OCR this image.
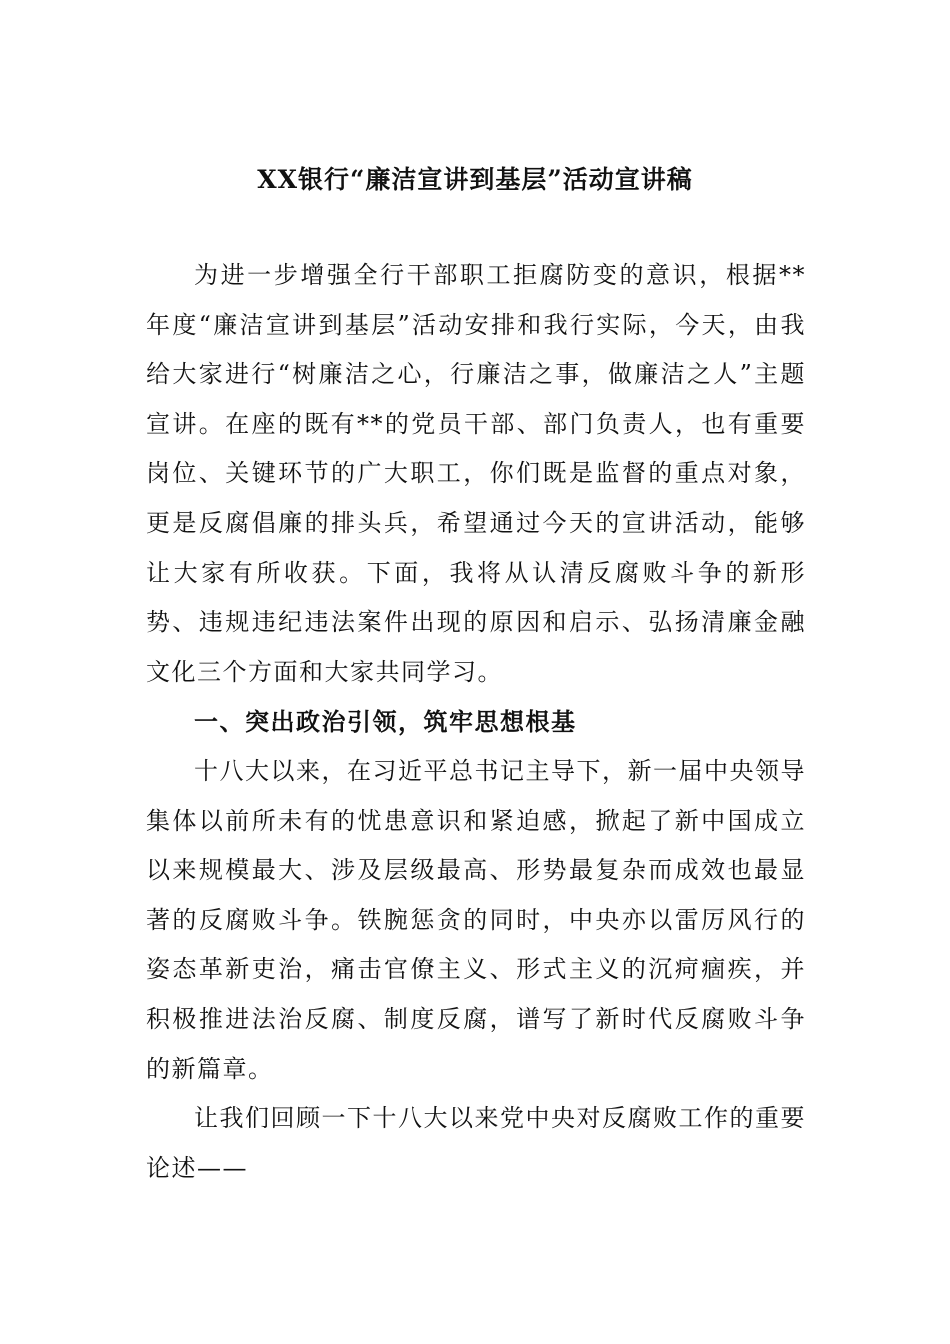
XX银行“廉洁宣讲到基层”活动宣讲稿

为进一步增强全行干部职工拒腐防变的意识，根据**年度“廉洁宣讲到基层”活动安排和我行实际，今天，由我给大家进行“树廉洁之心，行廉洁之事，做廉洁之人”主题宣讲。在座的既有**的党员干部、部门负责人，也有重要岗位、关键环节的广大职工，你们既是监督的重点对象，更是反腐倡廉的排头兵，希望通过今天的宣讲活动，能够让大家有所收获。下面，我将从认清反腐败斗争的新形势、违规违纪违法案件出现的原因和启示、弘扬清廉金融文化三个方面和大家共同学习。

一、突出政治引领，筑牢思想根基

十八大以来，在习近平总书记主导下，新一届中央领导集体以前所未有的忧患意识和紧迫感，掀起了新中国成立以来规模最大、涉及层级最高、形势最复杂而成效也最显著的反腐败斗争。铁腕惩贪的同时，中央亦以雷厉风行的姿态革新吏治，痛击官僚主义、形式主义的沉疴痼疾，并积极推进法治反腐、制度反腐，谱写了新时代反腐败斗争的新篇章。

让我们回顾一下十八大以来党中央对反腐败工作的重要论述——
